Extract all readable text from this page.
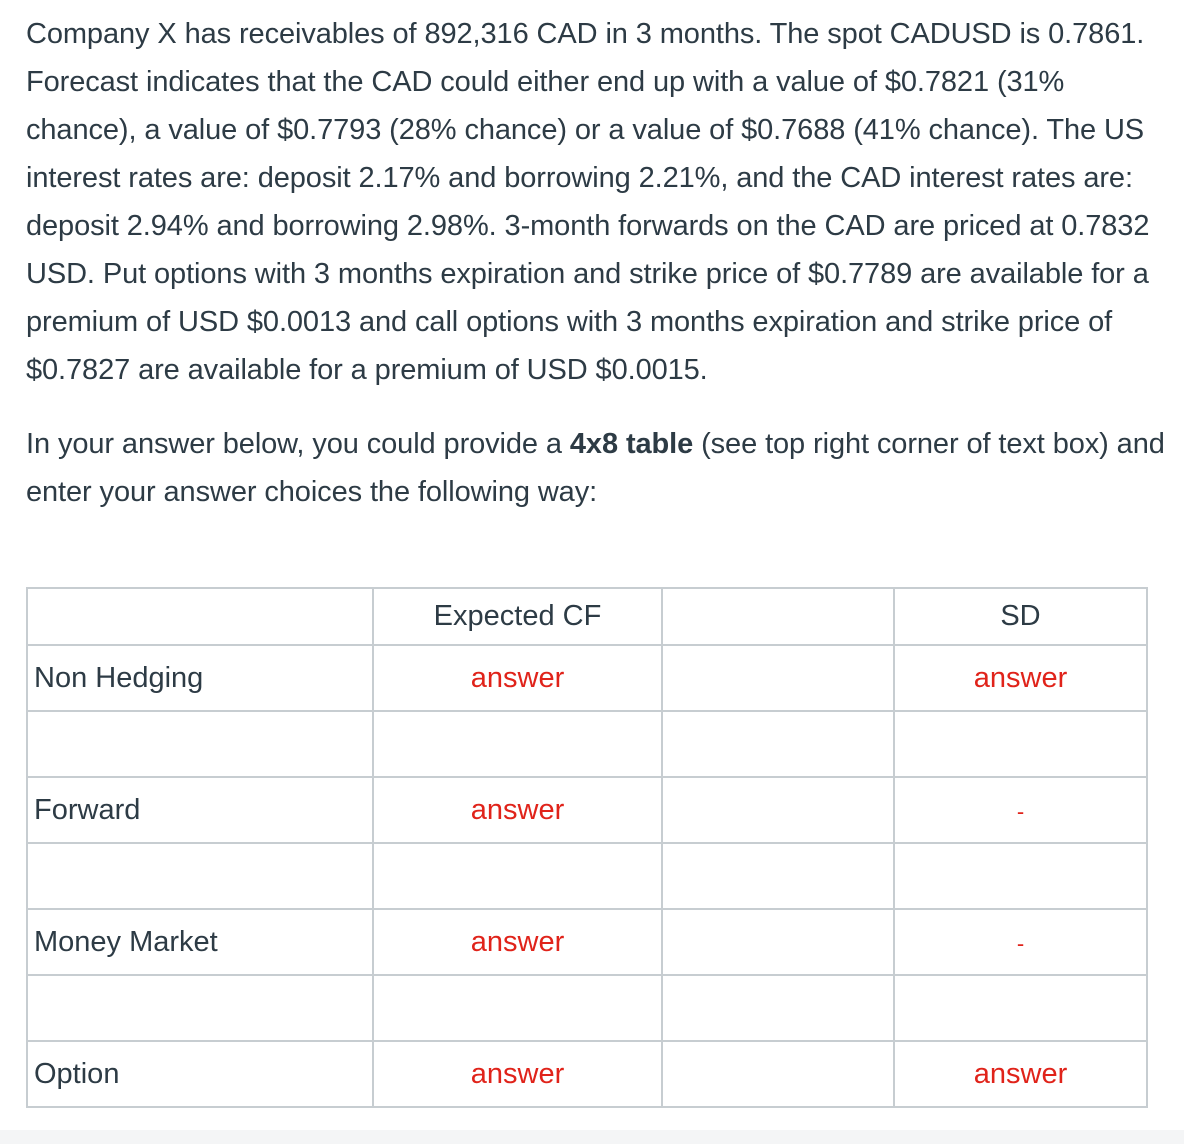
Company X has receivables of 892,316 CAD in 3 months. The spot CADUSD is 0.7861. Forecast indicates that the CAD could either end up with a value of $0.7821 (31% chance), a value of $0.7793 (28% chance) or a value of $0.7688 (41% chance). The US interest rates are: deposit 2.17% and borrowing 2.21%, and the CAD interest rates are: deposit 2.94% and borrowing 2.98%. 3-month forwards on the CAD are priced at 0.7832 USD. Put options with 3 months expiration and strike price of $0.7789 are available for a premium of USD $0.0013 and call options with 3 months expiration and strike price of $0.7827 are available for a premium of USD $0.0015.

In your answer below, you could provide a 4x8 table (see top right corner of text box) and enter your answer choices the following way:

	Expected CF		SD
Non Hedging	answer		answer

Forward	answer		-

Money Market	answer		-

Option	answer		answer
